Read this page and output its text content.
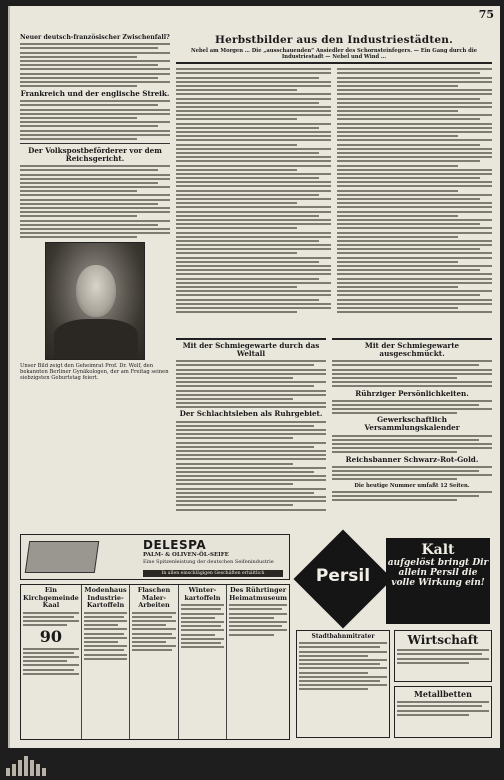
75
Neuer deutsch-französischer Zwischenfall?
Frankreich und der englische Streik.
Der Volkspostbeförderer vor dem Reichsgericht.
Unser Bild zeigt den Geheimrat Prof. Dr. Wolf, den bekannten Berliner Gynäkologen, der am Freitag seinen siebzigsten Geburtstag feiert.
Herbstbilder aus den Industriestädten.
Nebel am Morgen … Die „ausschauenden“ Ansiedler des Schornsteinfegers. — Ein Gang durch die Industriestadt — Nebel und Wind …
Mit der Schmiegewarte durch das Weltall
Der Schlachtsleben als Ruhrgebiet.
Mit der Schmiegewarte ausgeschmückt.
Rührziger Persönlichkeiten.
Gewerkschaftlich Versammlungskalender
Reichsbanner Schwarz-Rot-Gold.
Die heutige Nummer umfaßt 12 Seiten.
DELESPA
PALM- & OLIVEN-ÖL-SEIFE
Eine Spitzenleistung der deutschen Seifenindustrie
In allen einschlägigen Geschäften erhältlich	Persil
Kalt
aufgelöst bringt Dir allein Persil die volle Wirkung ein!
Ein Kirchgemeinde Kaal
90
Modenhaus Industrie-Kartoffeln
Flaschen Maler-Arbeiten
Winter-kartoffeln
Des Rührtinger Heimatmuseum
Stadtbahnmitrater	Wirtschaft
Metallbetten
